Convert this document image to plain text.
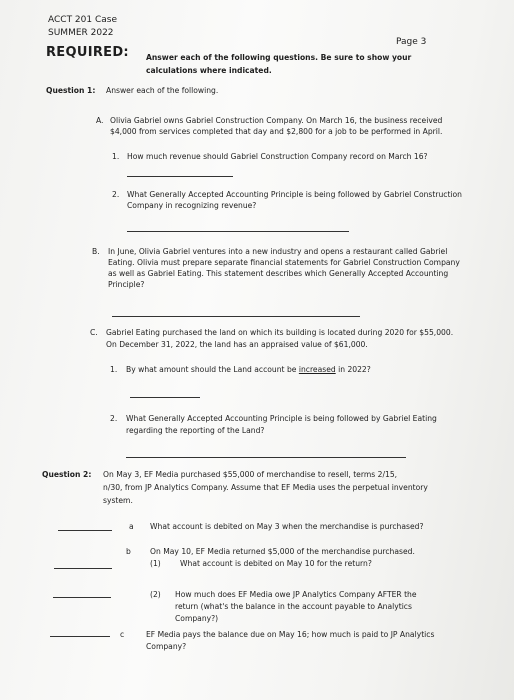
ACCT 201 Case
SUMMER 2022
Page 3
REQUIRED: Answer each of the following questions. Be sure to show your
calculations where indicated.
Question 1: Answer each of the following.
A. Olivia Gabriel owns Gabriel Construction Company. On March 16, the business received
$4,000 from services completed that day and $2,800 for a job to be performed in April.
1. How much revenue should Gabriel Construction Company record on March 16?
2. What Generally Accepted Accounting Principle is being followed by Gabriel Construction
Company in recognizing revenue?
B. In June, Olivia Gabriel ventures into a new industry and opens a restaurant called Gabriel
Eating. Olivia must prepare separate financial statements for Gabriel Construction Company
as well as Gabriel Eating. This statement describes which Generally Accepted Accounting
Principle?
C. Gabriel Eating purchased the land on which its building is located during 2020 for $55,000.
On December 31, 2022, the land has an appraised value of $61,000.
1. By what amount should the Land account be increased in 2022?
2. What Generally Accepted Accounting Principle is being followed by Gabriel Eating
regarding the reporting of the Land?
Question 2: On May 3, EF Media purchased $55,000 of merchandise to resell, terms 2/15,
n/30, from JP Analytics Company. Assume that EF Media uses the perpetual inventory
system.
a What account is debited on May 3 when the merchandise is purchased?
b	On May 10, EF Media returned $5,000 of the merchandise purchased.
(1)	What account is debited on May 10 for the return?
(2) How much does EF Media owe JP Analytics Company AFTER the
return (what's the balance in the account payable to Analytics
Company?)
c	EF Media pays the balance due on May 16; how much is paid to JP Analytics
Company?
